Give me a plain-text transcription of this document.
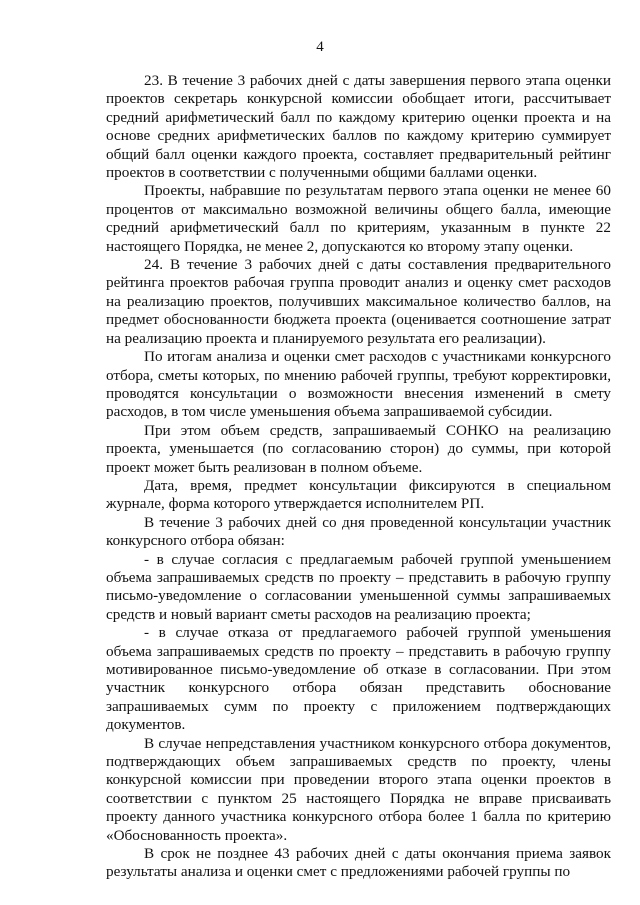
4

23. В течение 3 рабочих дней с даты завершения первого этапа оценки проектов секретарь конкурсной комиссии обобщает итоги, рассчитывает средний арифметический балл по каждому критерию оценки проекта и на основе средних арифметических баллов по каждому критерию суммирует общий балл оценки каждого проекта, составляет предварительный рейтинг проектов в соответствии с полученными общими баллами оценки.

Проекты, набравшие по результатам первого этапа оценки не менее 60 процентов от максимально возможной величины общего балла, имеющие средний арифметический балл по критериям, указанным в пункте 22 настоящего Порядка, не менее 2, допускаются ко второму этапу оценки.

24. В течение 3 рабочих дней с даты составления предварительного рейтинга проектов рабочая группа проводит анализ и оценку смет расходов на реализацию проектов, получивших максимальное количество баллов, на предмет обоснованности бюджета проекта (оценивается соотношение затрат на реализацию проекта и планируемого результата его реализации).

По итогам анализа и оценки смет расходов с участниками конкурсного отбора, сметы которых, по мнению рабочей группы, требуют корректировки, проводятся консультации о возможности внесения изменений в смету расходов, в том числе уменьшения объема запрашиваемой субсидии.

При этом объем средств, запрашиваемый СОНКО на реализацию проекта, уменьшается (по согласованию сторон) до суммы, при которой проект может быть реализован в полном объеме.

Дата, время, предмет консультации фиксируются в специальном журнале, форма которого утверждается исполнителем РП.

В течение 3 рабочих дней со дня проведенной консультации участник конкурсного отбора обязан:

- в случае согласия с предлагаемым рабочей группой уменьшением объема запрашиваемых средств по проекту – представить в рабочую группу письмо-уведомление о согласовании уменьшенной суммы запрашиваемых средств и новый вариант сметы расходов на реализацию проекта;

- в случае отказа от предлагаемого рабочей группой уменьшения объема запрашиваемых средств по проекту – представить в рабочую группу мотивированное письмо-уведомление об отказе в согласовании. При этом участник конкурсного отбора обязан представить обоснование запрашиваемых сумм по проекту с приложением подтверждающих документов.

В случае непредставления участником конкурсного отбора документов, подтверждающих объем запрашиваемых средств по проекту, члены конкурсной комиссии при проведении второго этапа оценки проектов в соответствии с пунктом 25 настоящего Порядка не вправе присваивать проекту данного участника конкурсного отбора более 1 балла по критерию «Обоснованность проекта».

В срок не позднее 43 рабочих дней с даты окончания приема заявок результаты анализа и оценки смет с предложениями рабочей группы по
